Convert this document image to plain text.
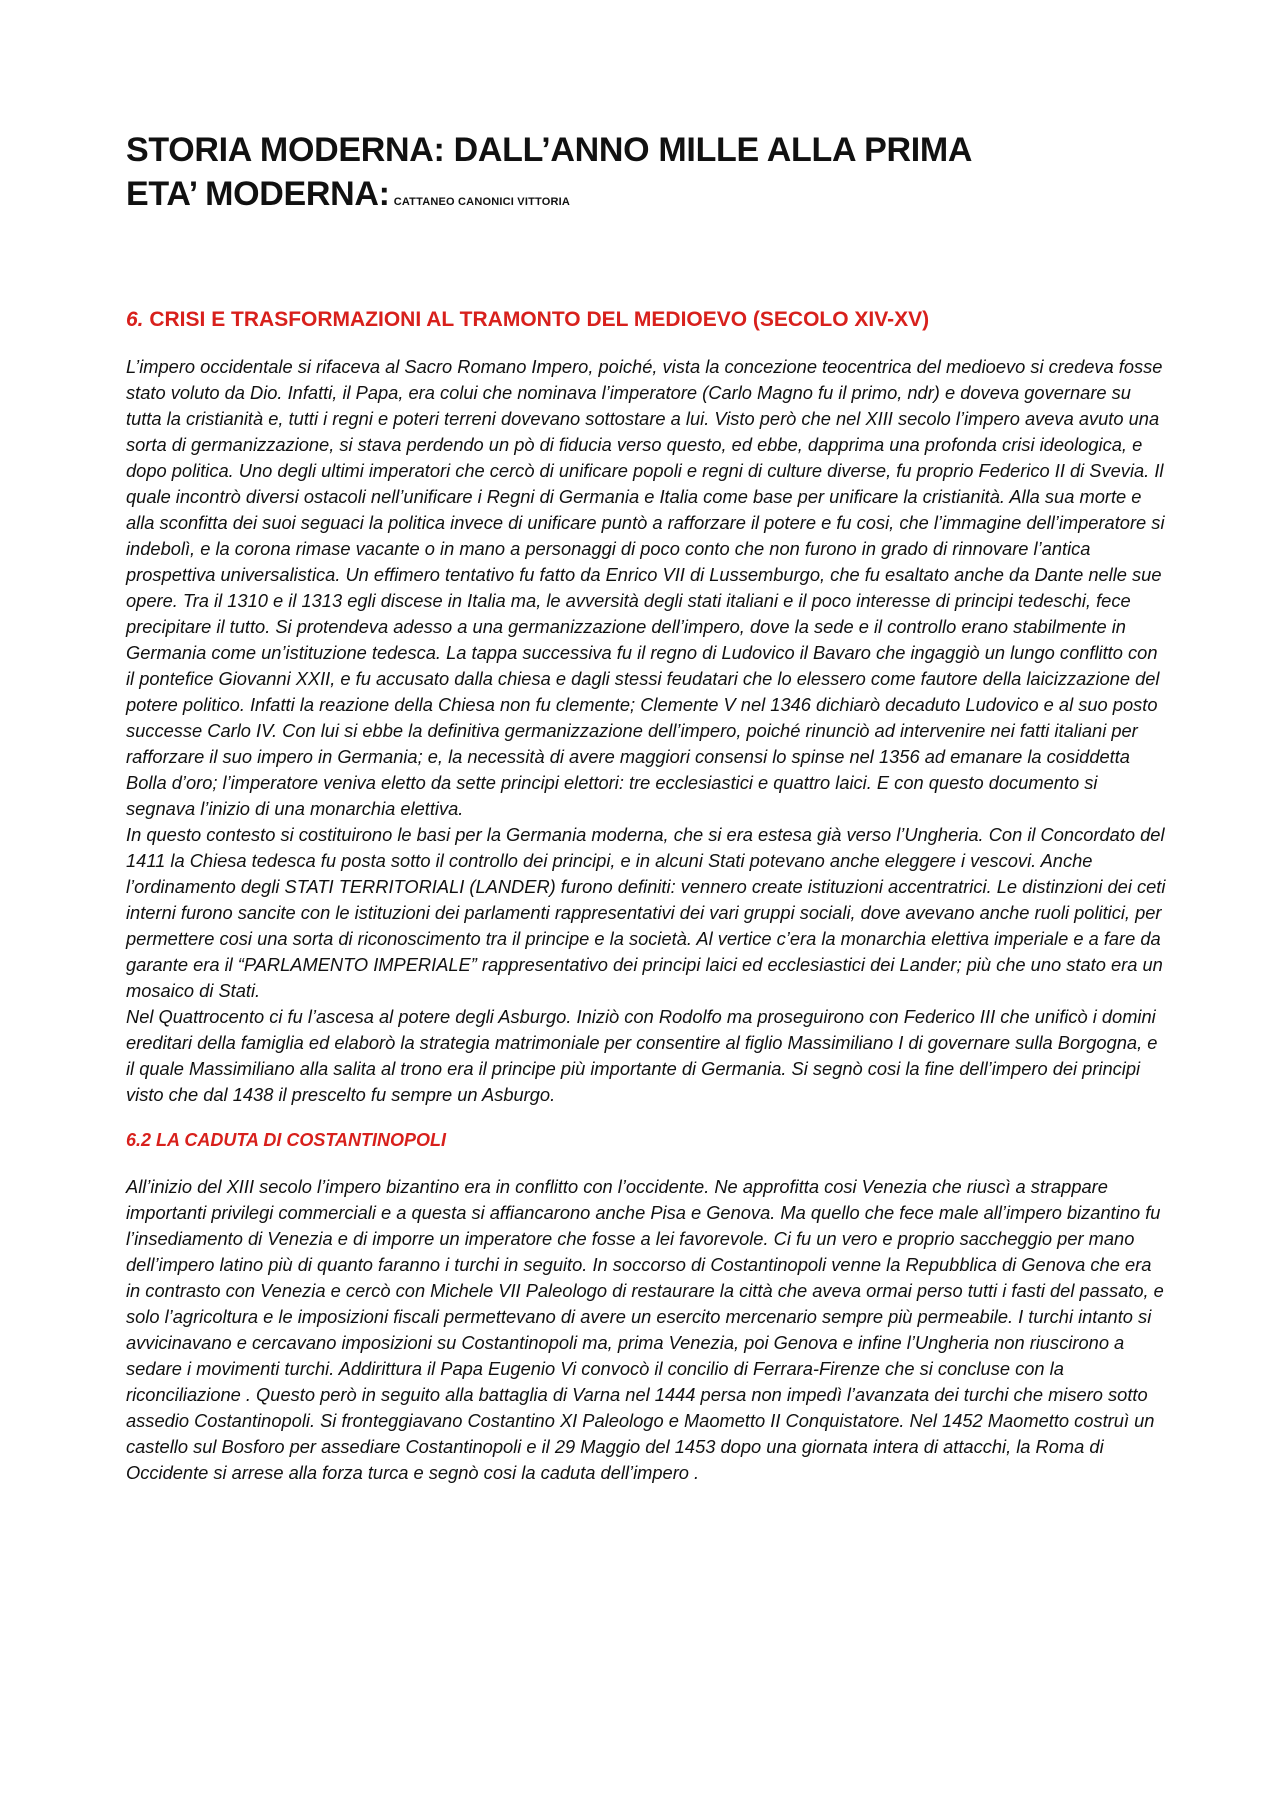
STORIA MODERNA: DALL’ANNO MILLE ALLA PRIMA
ETA’ MODERNA: CATTANEO CANONICI VITTORIA
6. CRISI E TRASFORMAZIONI AL TRAMONTO DEL MEDIOEVO (SECOLO XIV-XV)

L’impero occidentale si rifaceva al Sacro Romano Impero, poiché, vista la concezione teocentrica del medioevo si credeva fosse stato voluto da Dio. Infatti, il Papa, era colui che nominava l’imperatore (Carlo Magno fu il primo, ndr) e doveva governare su tutta la cristianità e, tutti i regni e poteri terreni dovevano sottostare a lui. Visto però che nel XIII secolo l’impero aveva avuto una sorta di germanizzazione, si stava perdendo un pò di fiducia verso questo, ed ebbe, dapprima una profonda crisi ideologica, e dopo politica. Uno degli ultimi imperatori che cercò di unificare popoli e regni di culture diverse, fu proprio Federico II di Svevia. Il quale incontrò diversi ostacoli nell’unificare i Regni di Germania e Italia come base per unificare la cristianità. Alla sua morte e alla sconfitta dei suoi seguaci la politica invece di unificare puntò a rafforzare il potere e fu cosi, che l’immagine dell’imperatore si indebolì, e la corona rimase vacante o in mano a personaggi di poco conto che non furono in grado di rinnovare l’antica prospettiva universalistica. Un effimero tentativo fu fatto da Enrico VII di Lussemburgo, che fu esaltato anche da Dante nelle sue opere. Tra il 1310 e il 1313 egli discese in Italia ma, le avversità degli stati italiani e il poco interesse di principi tedeschi, fece precipitare il tutto. Si protendeva adesso a una germanizzazione dell’impero, dove la sede e il controllo erano stabilmente in Germania come un’istituzione tedesca. La tappa successiva fu il regno di Ludovico il Bavaro che ingaggiò un lungo conflitto con il pontefice Giovanni XXII, e fu accusato dalla chiesa e dagli stessi feudatari che lo elessero come fautore della laicizzazione del potere politico. Infatti la reazione della Chiesa non fu clemente; Clemente V nel 1346 dichiarò decaduto Ludovico e al suo posto successe Carlo IV. Con lui si ebbe la definitiva germanizzazione dell’impero, poiché rinunciò ad intervenire nei fatti italiani per rafforzare il suo impero in Germania; e, la necessità di avere maggiori consensi lo spinse nel 1356 ad emanare la cosiddetta Bolla d’oro; l’imperatore veniva eletto da sette principi elettori: tre ecclesiastici e quattro laici. E con questo documento si segnava l’inizio di una monarchia elettiva.

In questo contesto si costituirono le basi per la Germania moderna, che si era estesa già verso l’Ungheria. Con il Concordato del 1411 la Chiesa tedesca fu posta sotto il controllo dei principi, e in alcuni Stati potevano anche eleggere i vescovi. Anche l’ordinamento degli STATI TERRITORIALI (LANDER) furono definiti: vennero create istituzioni accentratrici. Le distinzioni dei ceti interni furono sancite con le istituzioni dei parlamenti rappresentativi dei vari gruppi sociali, dove avevano anche ruoli politici, per permettere cosi una sorta di riconoscimento tra il principe e la società. Al vertice c’era la monarchia elettiva imperiale e a fare da garante era il “PARLAMENTO IMPERIALE” rappresentativo dei principi laici ed ecclesiastici dei Lander; più che uno stato era un mosaico di Stati.

Nel Quattrocento ci fu l’ascesa al potere degli Asburgo. Iniziò con Rodolfo ma proseguirono con Federico III che unificò i domini ereditari della famiglia ed elaborò la strategia matrimoniale per consentire al figlio Massimiliano I di governare sulla Borgogna, e il quale Massimiliano alla salita al trono era il principe più importante di Germania. Si segnò cosi la fine dell’impero dei principi visto che dal 1438 il prescelto fu sempre un Asburgo.

6.2 LA CADUTA DI COSTANTINOPOLI

All’inizio del XIII secolo l’impero bizantino era in conflitto con l’occidente. Ne approfitta cosi Venezia che riuscì a strappare importanti privilegi commerciali e a questa si affiancarono anche Pisa e Genova. Ma quello che fece male all’impero bizantino fu l’insediamento di Venezia e di imporre un imperatore che fosse a lei favorevole. Ci fu un vero e proprio saccheggio per mano dell’impero latino più di quanto faranno i turchi in seguito. In soccorso di Costantinopoli venne la Repubblica di Genova che era in contrasto con Venezia e cercò con Michele VII Paleologo di restaurare la città che aveva ormai perso tutti i fasti del passato, e solo l’agricoltura e le imposizioni fiscali permettevano di avere un esercito mercenario sempre più permeabile. I turchi intanto si avvicinavano e cercavano imposizioni su Costantinopoli ma, prima Venezia, poi Genova e infine l’Ungheria non riuscirono a sedare i movimenti turchi. Addirittura il Papa Eugenio Vi convocò il concilio di Ferrara-Firenze che si concluse con la riconciliazione . Questo però in seguito alla battaglia di Varna nel 1444 persa non impedì l’avanzata dei turchi che misero sotto assedio Costantinopoli. Si fronteggiavano Costantino XI Paleologo e Maometto II Conquistatore. Nel 1452 Maometto costruì un castello sul Bosforo per assediare Costantinopoli e il 29 Maggio del 1453 dopo una giornata intera di attacchi, la Roma di Occidente si arrese alla forza turca e segnò cosi la caduta dell’impero .
